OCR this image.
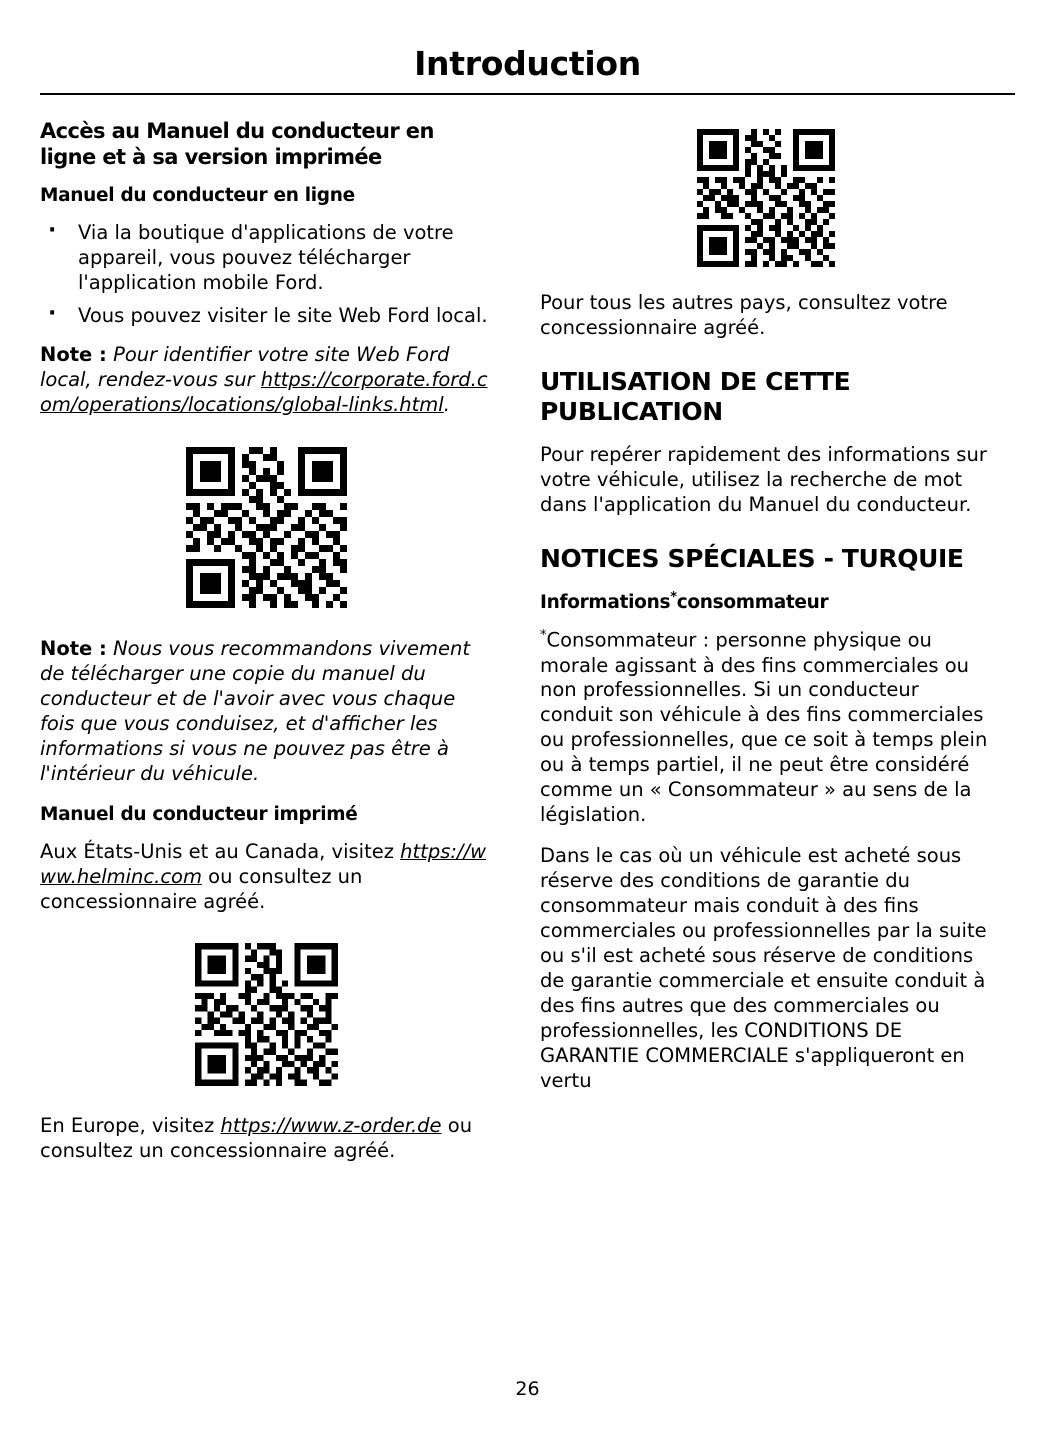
Introduction
Accès au Manuel du conducteur en ligne et à sa version imprimée
Manuel du conducteur en ligne
· Via la boutique d'applications de votre appareil, vous pouvez télécharger l'application mobile Ford.
· Vous pouvez visiter le site Web Ford local.

Note : Pour identifier votre site Web Ford local, rendez-vous sur https://corporate.ford.com/operations/locations/global-links.html.

Note : Nous vous recommandons vivement de télécharger une copie du manuel du conducteur et de l'avoir avec vous chaque fois que vous conduisez, et d'afficher les informations si vous ne pouvez pas être à l'intérieur du véhicule.

Manuel du conducteur imprimé

Aux États-Unis et au Canada, visitez https://www.helminc.com ou consultez un concessionnaire agréé.

En Europe, visitez https://www.z-order.de ou consultez un concessionnaire agréé.

Pour tous les autres pays, consultez votre concessionnaire agréé.

UTILISATION DE CETTE PUBLICATION

Pour repérer rapidement des informations sur votre véhicule, utilisez la recherche de mot dans l'application du Manuel du conducteur.

NOTICES SPÉCIALES - TURQUIE
Informations*consommateur

*Consommateur : personne physique ou morale agissant à des fins commerciales ou non professionnelles. Si un conducteur conduit son véhicule à des fins commerciales ou professionnelles, que ce soit à temps plein ou à temps partiel, il ne peut être considéré comme un « Consommateur » au sens de la législation.

Dans le cas où un véhicule est acheté sous réserve des conditions de garantie du consommateur mais conduit à des fins commerciales ou professionnelles par la suite ou s'il est acheté sous réserve de conditions de garantie commerciale et ensuite conduit à des fins autres que des commerciales ou professionnelles, les CONDITIONS DE GARANTIE COMMERCIALE s'appliqueront en vertu

26
